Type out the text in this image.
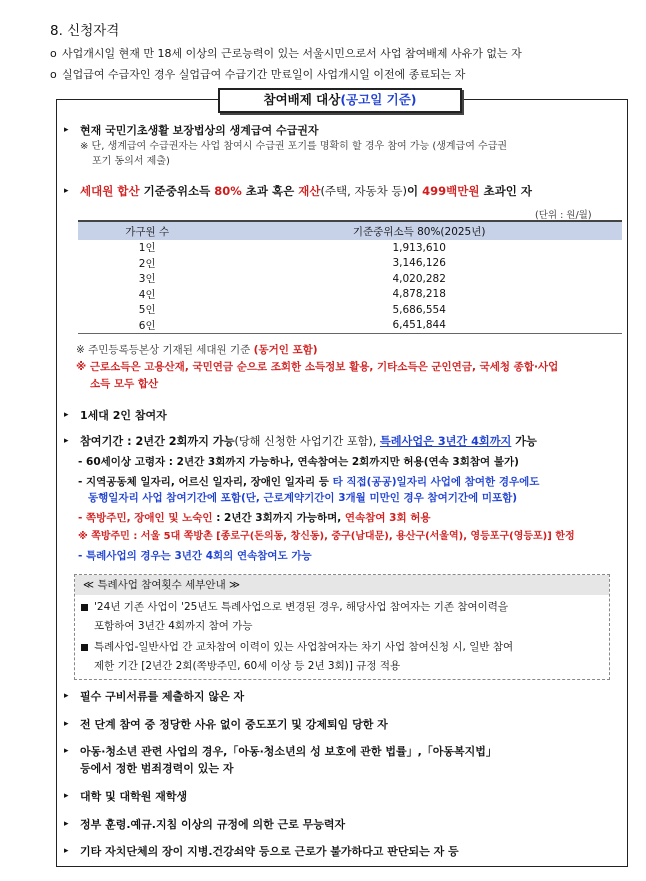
8. 신청자격
o 사업개시일 현재 만 18세 이상의 근로능력이 있는 서울시민으로서 사업 참여배제 사유가 없는 자
o 실업급여 수급자인 경우 실업급여 수급기간 만료일이 사업개시일 이전에 종료되는 자
참여배제 대상(공고일 기준)
▸ 현재 국민기초생활 보장법상의 생계급여 수급권자
※ 단, 생계급여 수급권자는 사업 참여시 수급권 포기를 명확히 할 경우 참여 가능 (생계급여 수급권
포기 동의서 제출)
▸ 세대원 합산 기준중위소득 80% 초과 혹은 재산(주택, 자동차 등)이 499백만원 초과인 자
(단위 : 원/월)
가구원 수	기준중위소득 80%(2025년)
1인	1,913,610
2인	3,146,126
3인	4,020,282
4인	4,878,218
5인	5,686,554
6인	6,451,844
※ 주민등록등본상 기재된 세대원 기준 (동거인 포함)
※ 근로소득은 고용산재, 국민연금 순으로 조회한 소득정보 활용, 기타소득은 군인연금, 국세청 종합·사업
소득 모두 합산
▸ 1세대 2인 참여자
▸ 참여기간 : 2년간 2회까지 가능(당해 신청한 사업기간 포함), 특례사업은 3년간 4회까지 가능
- 60세이상 고령자 : 2년간 3회까지 가능하나, 연속참여는 2회까지만 허용(연속 3회참여 불가)
- 지역공동체 일자리, 어르신 일자리, 장애인 일자리 등 타 직접(공공)일자리 사업에 참여한 경우에도
동행일자리 사업 참여기간에 포함(단, 근로계약기간이 3개월 미만인 경우 참여기간에 미포함)
- 쪽방주민, 장애인 및 노숙인 : 2년간 3회까지 가능하며, 연속참여 3회 허용
※ 쪽방주민 : 서울 5대 쪽방촌 [종로구(돈의동, 창신동), 중구(남대문), 용산구(서울역), 영등포구(영등포)] 한정
- 특례사업의 경우는 3년간 4회의 연속참여도 가능
≪ 특례사업 참여횟수 세부안내 ≫
'24년 기존 사업이 '25년도 특례사업으로 변경된 경우, 해당사업 참여자는 기존 참여이력을
포함하여 3년간 4회까지 참여 가능
특례사업-일반사업 간 교차참여 이력이 있는 사업참여자는 차기 사업 참여신청 시, 일반 참여
제한 기간 [2년간 2회(쪽방주민, 60세 이상 등 2년 3회)] 규정 적용
▸ 필수 구비서류를 제출하지 않은 자
▸ 전 단계 참여 중 정당한 사유 없이 중도포기 및 강제퇴임 당한 자
▸ 아동·청소년 관련 사업의 경우,「아동·청소년의 성 보호에 관한 법률」,「아동복지법」
등에서 정한 범죄경력이 있는 자
▸ 대학 및 대학원 재학생
▸ 정부 훈령.예규.지침 이상의 규정에 의한 근로 무능력자
▸ 기타 자치단체의 장이 지병.건강쇠약 등으로 근로가 불가하다고 판단되는 자 등
